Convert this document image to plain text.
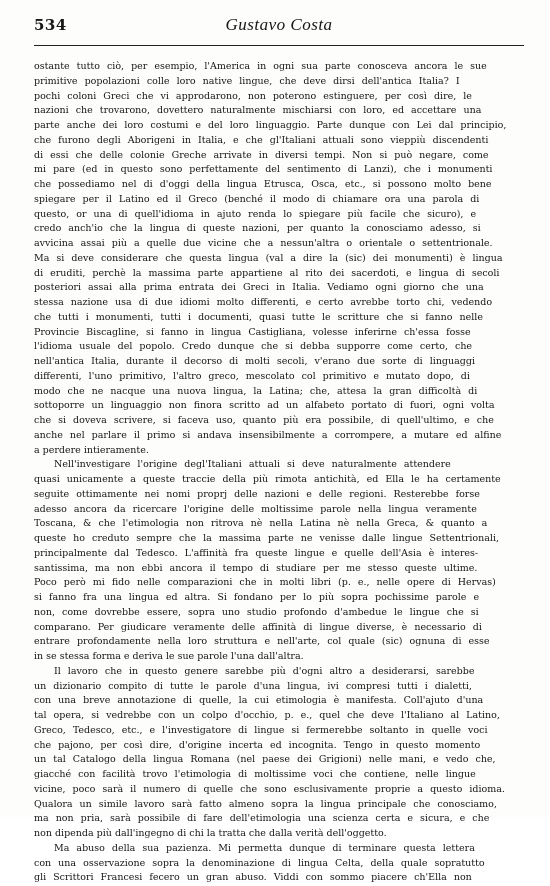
534	Gustavo Costa
ostante tutto ciò, per esempio, l'America in ogni sua parte conosceva ancora le sue
primitive popolazioni colle loro native lingue, che deve dirsi dell'antica Italia? I
pochi coloni Greci che vi approdarono, non poterono estinguere, per così dire, le
nazioni che trovarono, dovettero naturalmente mischiarsi con loro, ed accettare una
parte anche dei loro costumi e del loro linguaggio. Parte dunque con Lei dal principio,
che furono degli Aborigeni in Italia, e che gl'Italiani attuali sono vieppiù discendenti
di essi che delle colonie Greche arrivate in diversi tempi. Non si può negare, come
mi pare (ed in questo sono perfettamente del sentimento di Lanzi), che i monumenti
che possediamo nel di d'oggi della lingua Etrusca, Osca, etc., si possono molto bene
spiegare per il Latino ed il Greco (benché il modo di chiamare ora una parola di
questo, or una di quell'idioma in ajuto renda lo spiegare più facile che sicuro), e
credo anch'io che la lingua di queste nazioni, per quanto la conosciamo adesso, si
avvicina assai più a quelle due vicine che a nessun'altra o orientale o settentrionale.
Ma si deve considerare che questa lingua (val a dire la (sic) dei monumenti) è lingua
di eruditi, perchè la massima parte appartiene al rito dei sacerdoti, e lingua di secoli
posteriori assai alla prima entrata dei Greci in Italia. Vediamo ogni giorno che una
stessa nazione usa di due idiomi molto differenti, e certo avrebbe torto chi, vedendo
che tutti i monumenti, tutti i documenti, quasi tutte le scritture che si fanno nelle
Provincie Biscagline, si fanno in lingua Castigliana, volesse inferirne ch'essa fosse
l'idioma usuale del popolo. Credo dunque che si debba supporre come certo, che
nell'antica Italia, durante il decorso di molti secoli, v'erano due sorte di linguaggi
differenti, l'uno primitivo, l'altro greco, mescolato col primitivo e mutato dopo, di
modo che ne nacque una nuova lingua, la Latina; che, attesa la gran difficoltà di
sottoporre un linguaggio non finora scritto ad un alfabeto portato di fuori, ogni volta
che si doveva scrivere, si faceva uso, quanto più era possibile, di quell'ultimo, e che
anche nel parlare il primo si andava insensibilmente a corrompere, a mutare ed alfine
a perdere intieramente.
Nell'investigare l'origine degl'Italiani attuali si deve naturalmente attendere
quasi unicamente a queste traccie della più rimota antichità, ed Ella le ha certamente
seguite ottimamente nei nomi proprj delle nazioni e delle regioni. Resterebbe forse
adesso ancora da ricercare l'origine delle moltissime parole nella lingua veramente
Toscana, & che l'etimologia non ritrova nè nella Latina nè nella Greca, & quanto a
queste ho creduto sempre che la massima parte ne venisse dalle lingue Settentrionali,
principalmente dal Tedesco. L'affinità fra queste lingue e quelle dell'Asia è interes-
santissima, ma non ebbi ancora il tempo di studiare per me stesso queste ultime.
Poco però mi fido nelle comparazioni che in molti libri (p. e., nelle opere di Hervas)
si fanno fra una lingua ed altra. Si fondano per lo più sopra pochissime parole e
non, come dovrebbe essere, sopra uno studio profondo d'ambedue le lingue che si
comparano. Per giudicare veramente delle affinità di lingue diverse, è necessario di
entrare profondamente nella loro struttura e nell'arte, col quale (sic) ognuna di esse
in se stessa forma e deriva le sue parole l'una dall'altra.
Il lavoro che in questo genere sarebbe più d'ogni altro a desiderarsi, sarebbe
un dizionario compito di tutte le parole d'una lingua, ivi compresi tutti i dialetti,
con una breve annotazione di quelle, la cui etimologia è manifesta. Coll'ajuto d'una
tal opera, si vedrebbe con un colpo d'occhio, p. e., quel che deve l'Italiano al Latino,
Greco, Tedesco, etc., e l'investigatore di lingue si fermerebbe soltanto in quelle voci
che pajono, per così dire, d'origine incerta ed incognita. Tengo in questo momento
un tal Catalogo della lingua Romana (nel paese dei Grigioni) nelle mani, e vedo che,
giacché con facilità trovo l'etimologia di moltissime voci che contiene, nelle lingue
vicine, poco sarà il numero di quelle che sono esclusivamente proprie a questo idioma.
Qualora un simile lavoro sarà fatto almeno sopra la lingua principale che conosciamo,
ma non pria, sarà possibile di fare dell'etimologia una scienza certa e sicura, e che
non dipenda più dall'ingegno di chi la tratta che dalla verità dell'oggetto.
Ma abuso della sua pazienza. Mi permetta dunque di terminare questa lettera
con una osservazione sopra la denominazione di lingua Celta, della quale sopratutto
gli Scrittori Francesi fecero un gran abuso. Viddi con sommo piacere ch'Ella non
